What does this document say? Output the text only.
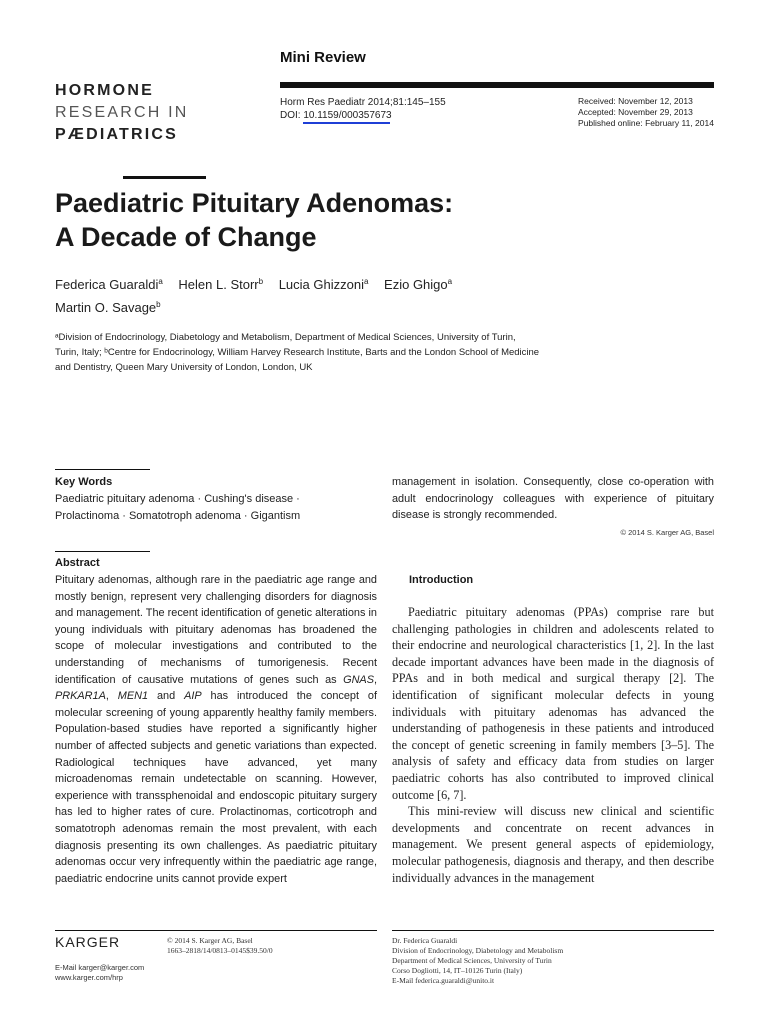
HORMONE
RESEARCH IN
PÆDIATRICS
Mini Review
Horm Res Paediatr 2014;81:145–155
DOI: 10.1159/000357673
Received: November 12, 2013
Accepted: November 29, 2013
Published online: February 11, 2014
Paediatric Pituitary Adenomas:
A Decade of Change
Federica Guaraldi$^a$ Helen L. Storr$^b$ Lucia Ghizzoni$^a$ Ezio Ghigo$^a$
Martin O. Savage$^b$
ᵃDivision of Endocrinology, Diabetology and Metabolism, Department of Medical Sciences, University of Turin,
Turin, Italy; ᵇCentre for Endocrinology, William Harvey Research Institute, Barts and the London School of Medicine
and Dentistry, Queen Mary University of London, London, UK
Key Words
Paediatric pituitary adenoma · Cushing's disease ·
Prolactinoma · Somatotroph adenoma · Gigantism
Abstract
Pituitary adenomas, although rare in the paediatric age range and mostly benign, represent very challenging disorders for diagnosis and management. The recent identification of genetic alterations in young individuals with pituitary adenomas has broadened the scope of molecular investigations and contributed to the understanding of mechanisms of tumorigenesis. Recent identification of causative mutations of genes such as GNAS, PRKAR1A, MEN1 and AIP has introduced the concept of molecular screening of young apparently healthy family members. Population-based studies have reported a significantly higher number of affected subjects and genetic variations than expected. Radiological techniques have advanced, yet many microadenomas remain undetectable on scanning. However, experience with transsphenoidal and endoscopic pituitary surgery has led to higher rates of cure. Prolactinomas, corticotroph and somatotroph adenomas remain the most prevalent, with each diagnosis presenting its own challenges. As paediatric pituitary adenomas occur very infrequently within the paediatric age range, paediatric endocrine units cannot provide expert
management in isolation. Consequently, close co-operation with adult endocrinology colleagues with experience of pituitary disease is strongly recommended.
© 2014 S. Karger AG, Basel
Introduction
Paediatric pituitary adenomas (PPAs) comprise rare but challenging pathologies in children and adolescents related to their endocrine and neurological characteristics [1, 2]. In the last decade important advances have been made in the diagnosis of PPAs and in both medical and surgical therapy [2]. The identification of significant molecular defects in young individuals with pituitary adenomas has advanced the understanding of pathogenesis in these patients and introduced the concept of genetic screening in family members [3–5]. The analysis of safety and efficacy data from studies on larger paediatric cohorts has also contributed to improved clinical outcome [6, 7].
This mini-review will discuss new clinical and scientific developments and concentrate on recent advances in management. We present general aspects of epidemiology, molecular pathogenesis, diagnosis and therapy, and then describe individually advances in the management
KARGER
E-Mail karger@karger.com
www.karger.com/hrp
© 2014 S. Karger AG, Basel
1663–2818/14/0813–0145$39.50/0
Dr. Federica Guaraldi
Division of Endocrinology, Diabetology and Metabolism
Department of Medical Sciences, University of Turin
Corso Dogliotti, 14, IT–10126 Turin (Italy)
E-Mail federica.guaraldi@unito.it
